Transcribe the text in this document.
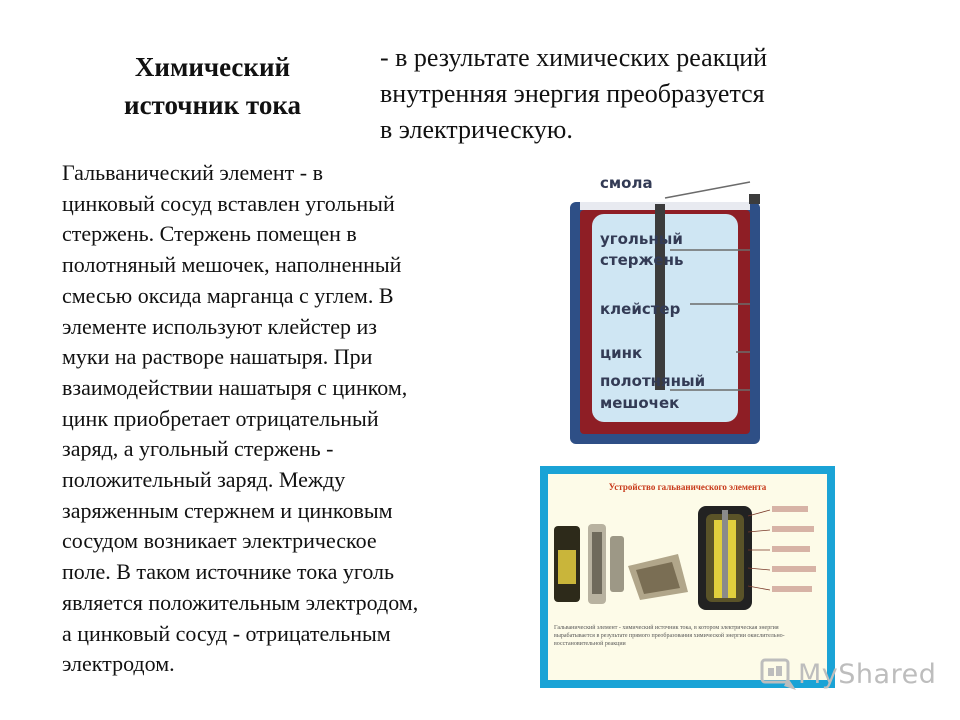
Химический
источник тока
- в результате химических реакций
внутренняя энергия преобразуется
в электрическую.
Гальванический элемент - в
цинковый сосуд вставлен угольный
стержень. Стержень помещен в
полотняный мешочек, наполненный
смесью оксида марганца с углем. В
элементе используют клейстер из
муки на растворе нашатыря. При
взаимодействии нашатыря с цинком,
цинк приобретает отрицательный
заряд, а угольный стержень -
положительный заряд. Между
заряженным стержнем и цинковым
сосудом возникает электрическое
поле. В таком источнике тока уголь
является положительным электродом,
а цинковый сосуд - отрицательным
электродом.
смола
угольный
стержень
клейстер
цинк
полотняный
мешочек
Устройство гальванического элемента
Гальванический элемент - химический источник тока, в котором электрическая энергия вырабатывается в результате прямого преобразования химической энергии окислительно-восстановительной реакции
MyShared
